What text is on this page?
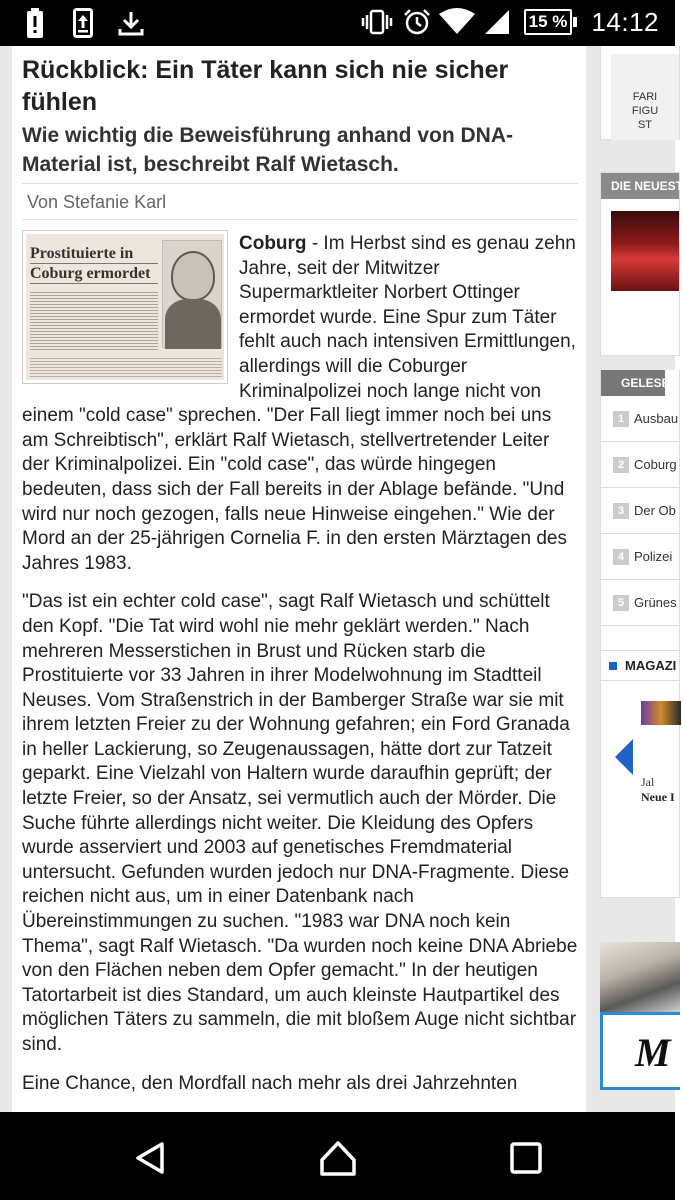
15 % 14:12
Rückblick: Ein Täter kann sich nie sicher fühlen
Wie wichtig die Beweisführung anhand von DNA-Material ist, beschreibt Ralf Wietasch.
Von Stefanie Karl
Prostituierte in
Coburg ermordet
Coburg - Im Herbst sind es genau zehn Jahre, seit der Mitwitzer Supermarktleiter Norbert Ottinger ermordet wurde. Eine Spur zum Täter fehlt auch nach intensiven Ermittlungen, allerdings will die Coburger Kriminalpolizei noch lange nicht von einem "cold case" sprechen. "Der Fall liegt immer noch bei uns am Schreibtisch", erklärt Ralf Wietasch, stellvertretender Leiter der Kriminalpolizei. Ein "cold case", das würde hingegen bedeuten, dass sich der Fall bereits in der Ablage befände. "Und wird nur noch gezogen, falls neue Hinweise eingehen." Wie der Mord an der 25-jährigen Cornelia F. in den ersten Märztagen des Jahres 1983.

"Das ist ein echter cold case", sagt Ralf Wietasch und schüttelt den Kopf. "Die Tat wird wohl nie mehr geklärt werden." Nach mehreren Messerstichen in Brust und Rücken starb die Prostituierte vor 33 Jahren in ihrer Modelwohnung im Stadtteil Neuses. Vom Straßenstrich in der Bamberger Straße war sie mit ihrem letzten Freier zu der Wohnung gefahren; ein Ford Granada in heller Lackierung, so Zeugenaussagen, hätte dort zur Tatzeit geparkt. Eine Vielzahl von Haltern wurde daraufhin geprüft; der letzte Freier, so der Ansatz, sei vermutlich auch der Mörder. Die Suche führte allerdings nicht weiter. Die Kleidung des Opfers wurde asserviert und 2003 auf genetisches Fremdmaterial untersucht. Gefunden wurden jedoch nur DNA-Fragmente. Diese reichen nicht aus, um in einer Datenbank nach Übereinstimmungen zu suchen. "1983 war DNA noch kein Thema", sagt Ralf Wietasch. "Da wurden noch keine DNA Abriebe von den Flächen neben dem Opfer gemacht." In der heutigen Tatortarbeit ist dies Standard, um auch kleinste Hautpartikel des möglichen Täters zu sammeln, die mit bloßem Auge nicht sichtbar sind.

Eine Chance, den Mordfall nach mehr als drei Jahrzehnten

FARI
FIGU
ST
DIE NEUEST
GELESEN
1 Ausbau
2 Coburg
3 Der Ob
4 Polizei
5 Grünes
MAGAZI
Jal
Neue I
M
